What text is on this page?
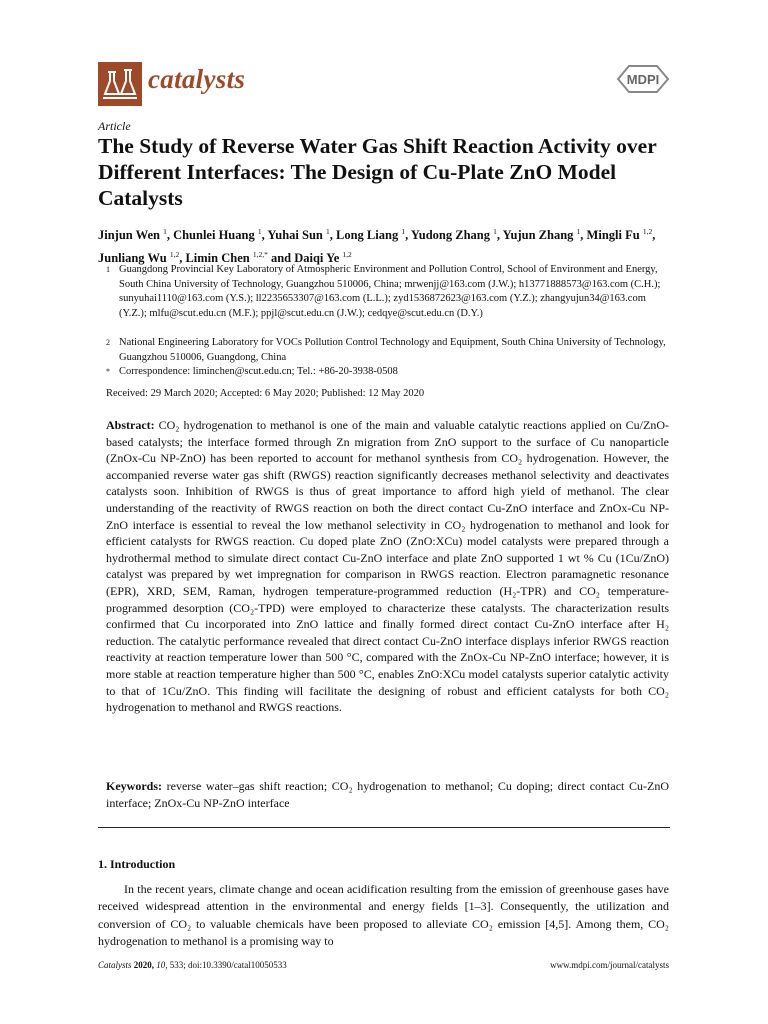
catalysts	MDPI
Article
The Study of Reverse Water Gas Shift Reaction Activity over Different Interfaces: The Design of Cu-Plate ZnO Model Catalysts
Jinjun Wen $^1$, Chunlei Huang $^1$, Yuhai Sun $^1$, Long Liang $^1$, Yudong Zhang $^1$, Yujun Zhang $^1$, Mingli Fu $^{1,2}$, Junliang Wu $^{1,2}$, Limin Chen $^{1,2,*}$ and Daiqi Ye $^{1,2}$
1 Guangdong Provincial Key Laboratory of Atmospheric Environment and Pollution Control, School of Environment and Energy, South China University of Technology, Guangzhou 510006, China; mrwenjj@163.com (J.W.); h13771888573@163.com (C.H.); sunyuhai1110@163.com (Y.S.); ll2235653307@163.com (L.L.); zyd1536872623@163.com (Y.Z.); zhangyujun34@163.com (Y.Z.); mlfu@scut.edu.cn (M.F.); ppjl@scut.edu.cn (J.W.); cedqye@scut.edu.cn (D.Y.)
2 National Engineering Laboratory for VOCs Pollution Control Technology and Equipment, South China University of Technology, Guangzhou 510006, Guangdong, China
* Correspondence: liminchen@scut.edu.cn; Tel.: +86-20-3938-0508
Received: 29 March 2020; Accepted: 6 May 2020; Published: 12 May 2020
Abstract: CO₂ hydrogenation to methanol is one of the main and valuable catalytic reactions applied on Cu/ZnO-based catalysts; the interface formed through Zn migration from ZnO support to the surface of Cu nanoparticle (ZnOx-Cu NP-ZnO) has been reported to account for methanol synthesis from CO₂ hydrogenation. However, the accompanied reverse water gas shift (RWGS) reaction significantly decreases methanol selectivity and deactivates catalysts soon. Inhibition of RWGS is thus of great importance to afford high yield of methanol. The clear understanding of the reactivity of RWGS reaction on both the direct contact Cu-ZnO interface and ZnOx-Cu NP-ZnO interface is essential to reveal the low methanol selectivity in CO₂ hydrogenation to methanol and look for efficient catalysts for RWGS reaction. Cu doped plate ZnO (ZnO:XCu) model catalysts were prepared through a hydrothermal method to simulate direct contact Cu-ZnO interface and plate ZnO supported 1 wt % Cu (1Cu/ZnO) catalyst was prepared by wet impregnation for comparison in RWGS reaction. Electron paramagnetic resonance (EPR), XRD, SEM, Raman, hydrogen temperature-programmed reduction (H₂-TPR) and CO₂ temperature-programmed desorption (CO₂-TPD) were employed to characterize these catalysts. The characterization results confirmed that Cu incorporated into ZnO lattice and finally formed direct contact Cu-ZnO interface after H₂ reduction. The catalytic performance revealed that direct contact Cu-ZnO interface displays inferior RWGS reaction reactivity at reaction temperature lower than 500 °C, compared with the ZnOx-Cu NP-ZnO interface; however, it is more stable at reaction temperature higher than 500 °C, enables ZnO:XCu model catalysts superior catalytic activity to that of 1Cu/ZnO. This finding will facilitate the designing of robust and efficient catalysts for both CO₂ hydrogenation to methanol and RWGS reactions.
Keywords: reverse water–gas shift reaction; CO₂ hydrogenation to methanol; Cu doping; direct contact Cu-ZnO interface; ZnOx-Cu NP-ZnO interface
1. Introduction
In the recent years, climate change and ocean acidification resulting from the emission of greenhouse gases have received widespread attention in the environmental and energy fields [1–3]. Consequently, the utilization and conversion of CO₂ to valuable chemicals have been proposed to alleviate CO₂ emission [4,5]. Among them, CO₂ hydrogenation to methanol is a promising way to
Catalysts 2020, 10, 533; doi:10.3390/catal10050533	www.mdpi.com/journal/catalysts
